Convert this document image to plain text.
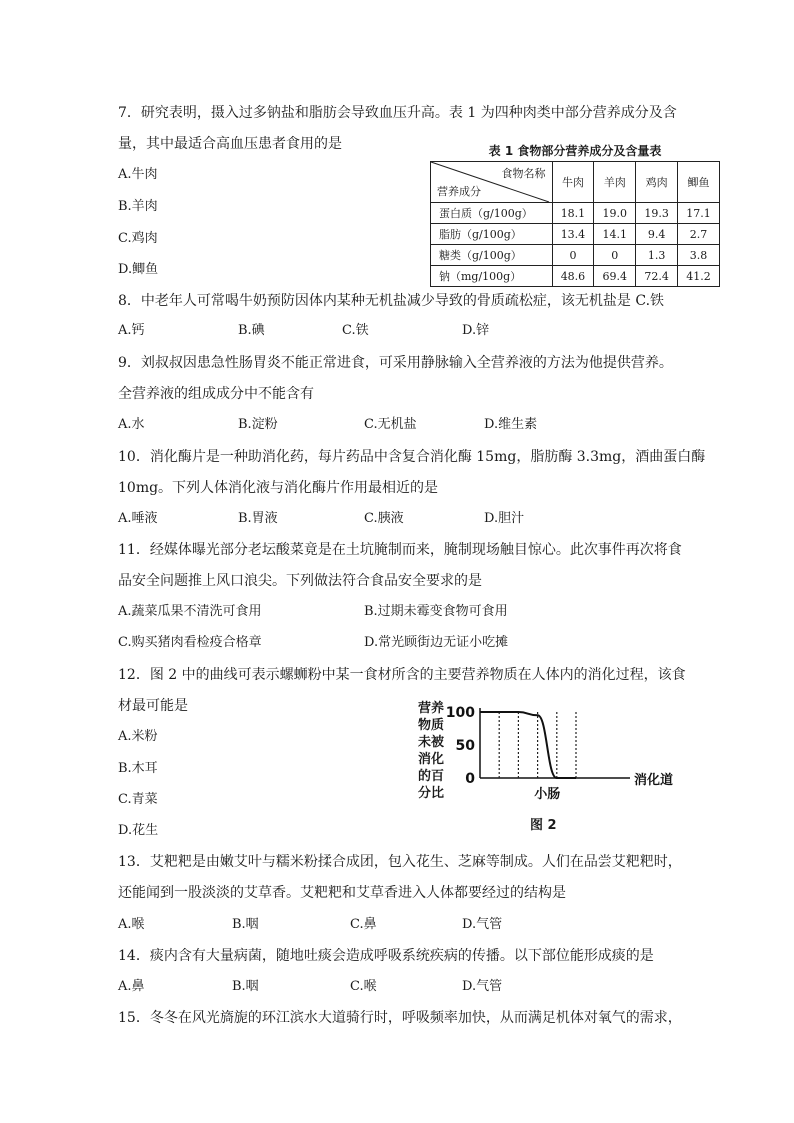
7．研究表明，摄入过多钠盐和脂肪会导致血压升高。表 1 为四种肉类中部分营养成分及含
量，其中最适合高血压患者食用的是
A.牛肉
B.羊肉
C.鸡肉
D.鲫鱼
表 1 食物部分营养成分及含量表
食物名称
营养成分	牛肉	羊肉	鸡肉	鲫鱼
蛋白质（g/100g）	18.1	19.0	19.3	17.1
脂肪（g/100g）	13.4	14.1	9.4	2.7
糖类（g/100g）	0	0	1.3	3.8
钠（mg/100g）	48.6	69.4	72.4	41.2
8．中老年人可常喝牛奶预防因体内某种无机盐减少导致的骨质疏松症，该无机盐是 C.铁
A.钙	B.碘	C.铁	D.锌
9．刘叔叔因患急性肠胃炎不能正常进食，可采用静脉输入全营养液的方法为他提供营养。
全营养液的组成成分中不能含有
A.水	B.淀粉	C.无机盐	D.维生素
10．消化酶片是一种助消化药，每片药品中含复合消化酶 15mg，脂肪酶 3.3mg，酒曲蛋白酶
10mg。下列人体消化液与消化酶片作用最相近的是
A.唾液	B.胃液	C.胰液	D.胆汁
11．经媒体曝光部分老坛酸菜竟是在土坑腌制而来，腌制现场触目惊心。此次事件再次将食
品安全问题推上风口浪尖。下列做法符合食品安全要求的是
A.蔬菜瓜果不清洗可食用	B.过期未霉变食物可食用
C.购买猪肉看检疫合格章	D.常光顾街边无证小吃摊
12．图 2 中的曲线可表示螺蛳粉中某一食材所含的主要营养物质在人体内的消化过程，该食
材最可能是
A.米粉
B.木耳
C.青菜
D.花生
营养
物质
未被
消化
的百
分比
100
50
0
小肠
消化道
图 2
13．艾粑粑是由嫩艾叶与糯米粉揉合成团，包入花生、芝麻等制成。人们在品尝艾粑粑时，
还能闻到一股淡淡的艾草香。艾粑粑和艾草香进入人体都要经过的结构是
A.喉	B.咽	C.鼻	D.气管
14．痰内含有大量病菌，随地吐痰会造成呼吸系统疾病的传播。以下部位能形成痰的是
A.鼻	B.咽	C.喉	D.气管
15．冬冬在风光旖旎的环江滨水大道骑行时，呼吸频率加快，从而满足机体对氧气的需求，
